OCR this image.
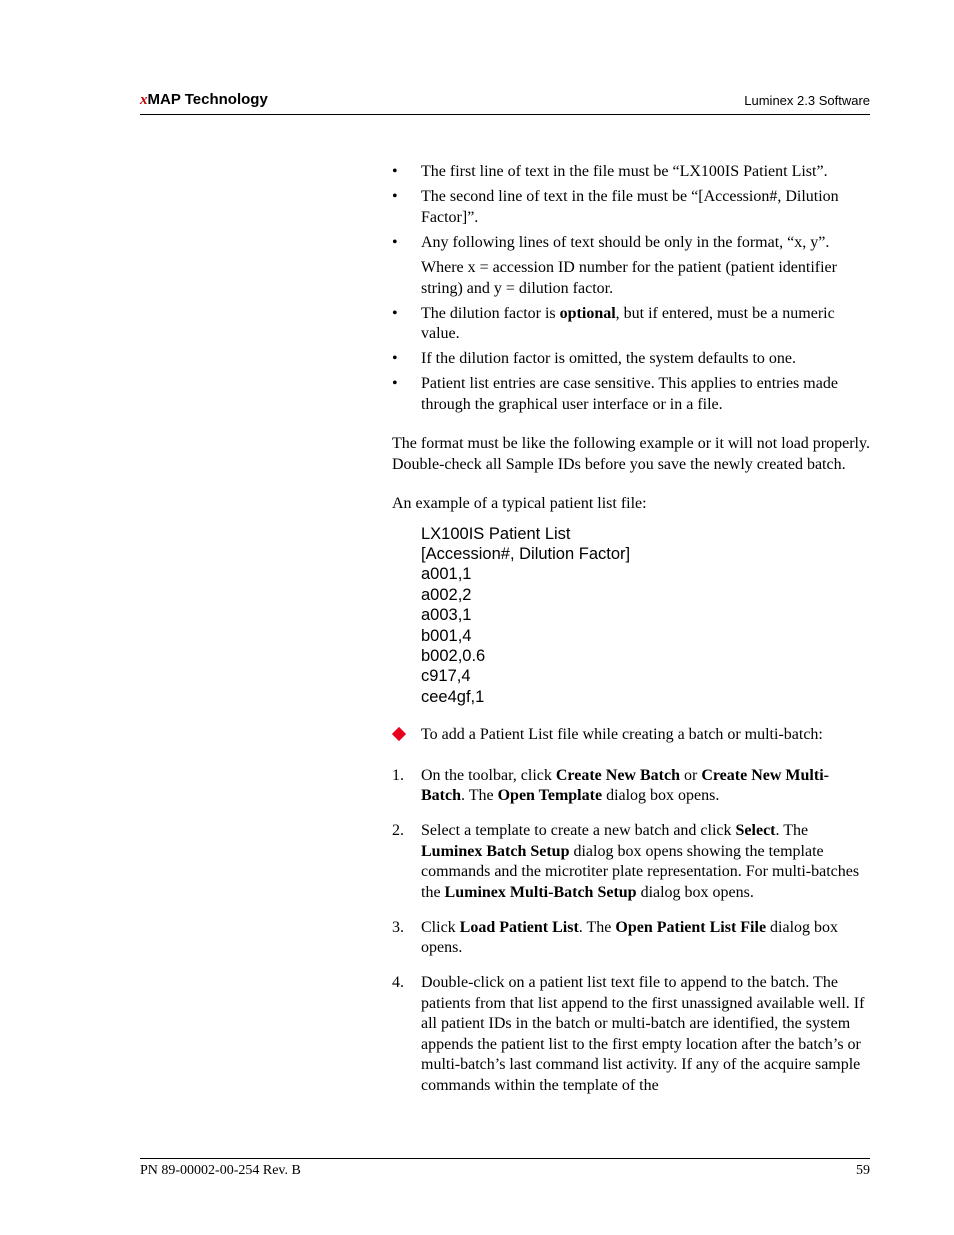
xMAP Technology	Luminex 2.3 Software
• The first line of text in the file must be “LX100IS Patient List”.
• The second line of text in the file must be “[Accession#, Dilution Factor]”.
• Any following lines of text should be only in the format, “x, y”.
Where x = accession ID number for the patient (patient identifier string) and y = dilution factor.
• The dilution factor is optional, but if entered, must be a numeric value.
• If the dilution factor is omitted, the system defaults to one.
• Patient list entries are case sensitive. This applies to entries made through the graphical user interface or in a file.

The format must be like the following example or it will not load properly. Double-check all Sample IDs before you save the newly created batch.

An example of a typical patient list file:

LX100IS Patient List
[Accession#, Dilution Factor]
a001,1
a002,2
a003,1
b001,4
b002,0.6
c917,4
cee4gf,1
To add a Patient List file while creating a batch or multi-batch:
1. On the toolbar, click Create New Batch or Create New Multi-Batch. The Open Template dialog box opens.
2. Select a template to create a new batch and click Select. The Luminex Batch Setup dialog box opens showing the template commands and the microtiter plate representation. For multi-batches the Luminex Multi-Batch Setup dialog box opens.
3. Click Load Patient List. The Open Patient List File dialog box opens.
4. Double-click on a patient list text file to append to the batch. The patients from that list append to the first unassigned available well. If all patient IDs in the batch or multi-batch are identified, the system appends the patient list to the first empty location after the batch’s or multi-batch’s last command list activity. If any of the acquire sample commands within the template of the
PN 89-00002-00-254 Rev. B	59
